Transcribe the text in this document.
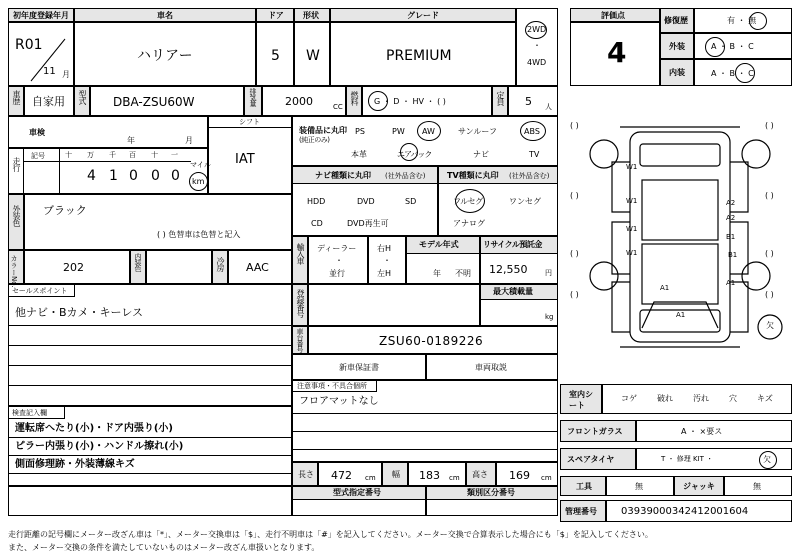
初年度登録年月	車名	ドア 形状	グレード
2WD
・
4WD
R01
11 月
ハリアー	5 W	PREMIUM
車歴 自家用 型式 DBA-ZSU60W	排気量	2000	CC
燃料 G ・ D ・ HV ・ ( )	定員 5 人
車検
年	月
走行
記号	十 万 千 百 十 一
4 1 0 0 0
マイル
km
シフト
IAT
装備品に丸印
(純正のみ)
PS	PW AW	サンルーフ	ABS
本革	エアバック	ナビ	TV
ナビ種類に丸印 (社外品含む)
HDD	DVD	SD
CD	DVD再生可
TV種類に丸印 (社外品含む)
フルセグ	ワンセグ
アナログ
外装色 ブラック
( ) 色替車は色替と記入
カラーNo.	202	内装色	冷房 AAC
輸入車 ディーラー
・
並行
右H
・
左H
モデル年式
年 不明
リサイクル預託金
12,550	円
セールスポイント
他ナビ・Bカメ・キーレス	登録番号	最大積載量
kg
車台番号	ZSU60-0189226
新車保証書	車両取説
注意事項・不具合個所
フロアマットなし
検査記入欄
運転席へたり(小)・ドア内張り(小)
ピラー内張り(小)・ハンドル擦れ(小)
側面修理跡・外装薄線キズ
長さ 472 cm 幅 183 cm 高さ 169 cm
型式指定番号	類別区分番号
評価点
4
修復歴	有 ・ 無
外装	A ・ B ・ C
内装	A ・ B ・ C
( )	( )
( )	( )
( )	( )
( )	( )
W1
W1
W1
W1
A2
A2
B1
A1
A1
A1
B1
欠
室内シート
コゲ	破れ	汚れ	穴	キズ
フロントガラス	A ・ ×要ス
スペアタイヤ	T ・ 修理 KIT ・	欠
工具	無	ジャッキ	無
管理番号 03939000342412001604
走行距離の記号欄にメーター改ざん車は「*」、メーター交換車は「$」、走行不明車は「#」を記入してください。メーター交換で合算表示した場合にも「$」を記入してください。
また、メーター交換の条件を満たしていないものはメーター改ざん車扱いとなります。
